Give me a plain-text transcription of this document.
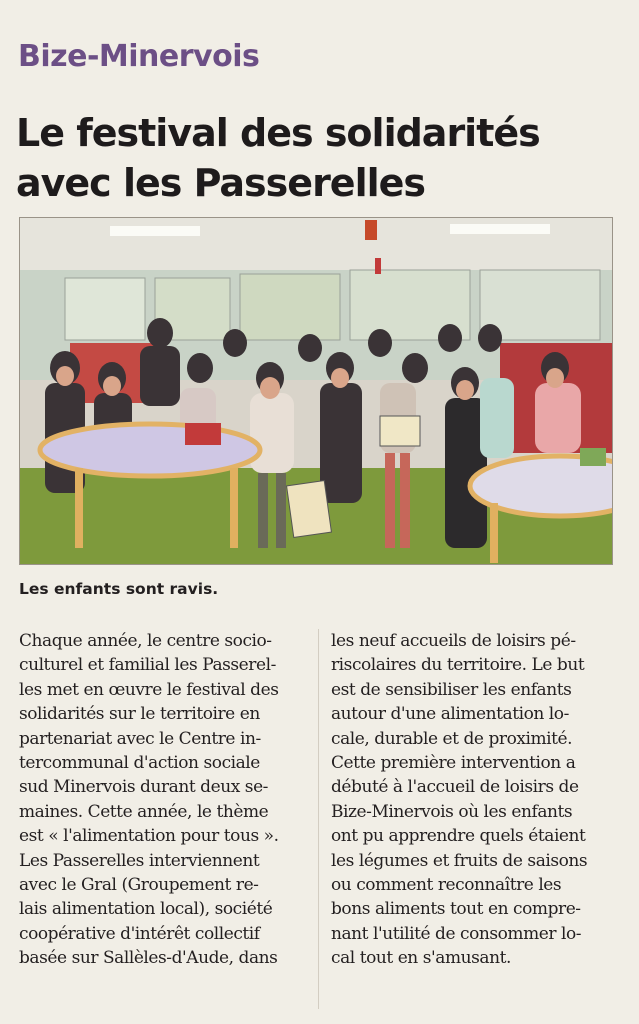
Bize-Minervois
Le festival des solidarités
avec les Passerelles
Les enfants sont ravis.
Chaque année, le centre socio-
culturel et familial les Passerel-
les met en œuvre le festival des
solidarités sur le territoire en
partenariat avec le Centre in-
tercommunal d'action sociale
sud Minervois durant deux se-
maines. Cette année, le thème
est « l'alimentation pour tous ».
Les Passerelles interviennent
avec le Gral (Groupement re-
lais alimentation local), société
coopérative d'intérêt collectif
basée sur Sallèles-d'Aude, dans
les neuf accueils de loisirs pé-
riscolaires du territoire. Le but
est de sensibiliser les enfants
autour d'une alimentation lo-
cale, durable et de proximité.
Cette première intervention a
débuté à l'accueil de loisirs de
Bize-Minervois où les enfants
ont pu apprendre quels étaient
les légumes et fruits de saisons
ou comment reconnaître les
bons aliments tout en compre-
nant l'utilité de consommer lo-
cal tout en s'amusant.
